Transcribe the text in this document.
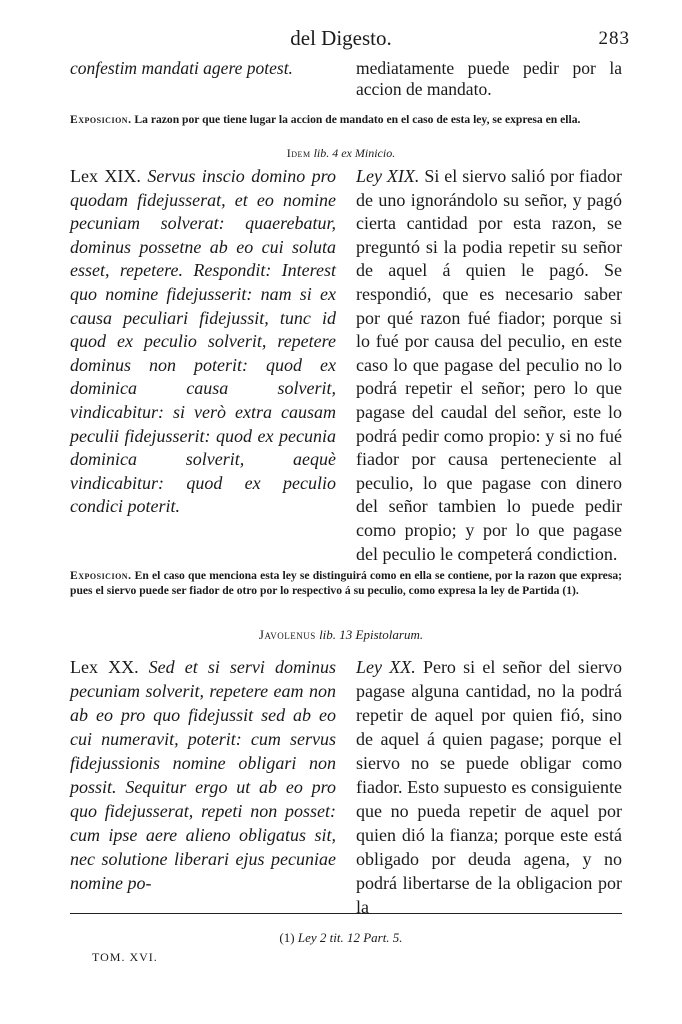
del Digesto.	283

confestim mandati agere potest.	mediatamente puede pedir por la accion de mandato.

Exposicion. La razon por que tiene lugar la accion de mandato en el caso de esta ley, se expresa en ella.
Idem lib. 4 ex Minicio.

Lex XIX. Servus inscio domino pro quodam fidejusserat, et eo nomine pecuniam solverat: quaerebatur, dominus possetne ab eo cui soluta esset, repetere. Respondit: Interest quo nomine fidejusserit: nam si ex causa peculiari fidejussit, tunc id quod ex peculio solverit, repetere dominus non poterit: quod ex dominica causa solverit, vindicabitur: si verò extra causam peculii fidejusserit: quod ex pecunia dominica solverit, aequè vindicabitur: quod ex peculio condici poterit.

Ley XIX. Si el siervo salió por fiador de uno ignorándolo su señor, y pagó cierta cantidad por esta razon, se preguntó si la podia repetir su señor de aquel á quien le pagó. Se respondió, que es necesario saber por qué razon fué fiador; porque si lo fué por causa del peculio, en este caso lo que pagase del peculio no lo podrá repetir el señor; pero lo que pagase del caudal del señor, este lo podrá pedir como propio: y si no fué fiador por causa perteneciente al peculio, lo que pagase con dinero del señor tambien lo puede pedir como propio; y por lo que pagase del peculio le competerá condiction.

Exposicion. En el caso que menciona esta ley se distinguirá como en ella se contiene, por la razon que expresa; pues el siervo puede ser fiador de otro por lo respectivo á su peculio, como expresa la ley de Partida (1).
Javolenus lib. 13 Epistolarum.

Lex XX. Sed et si servi dominus pecuniam solverit, repetere eam non ab eo pro quo fidejussit sed ab eo cui numeravit, poterit: cum servus fidejussionis nomine obligari non possit. Sequitur ergo ut ab eo pro quo fidejusserat, repeti non posset: cum ipse aere alieno obligatus sit, nec solutione liberari ejus pecuniae nomine po-

Ley XX. Pero si el señor del siervo pagase alguna cantidad, no la podrá repetir de aquel por quien fió, sino de aquel á quien pagase; porque el siervo no se puede obligar como fiador. Esto supuesto es consiguiente que no pueda repetir de aquel por quien dió la fianza; porque este está obligado por deuda agena, y no podrá libertarse de la obligacion por la

(1) Ley 2 tit. 12 Part. 5.
TOM. XVI.
